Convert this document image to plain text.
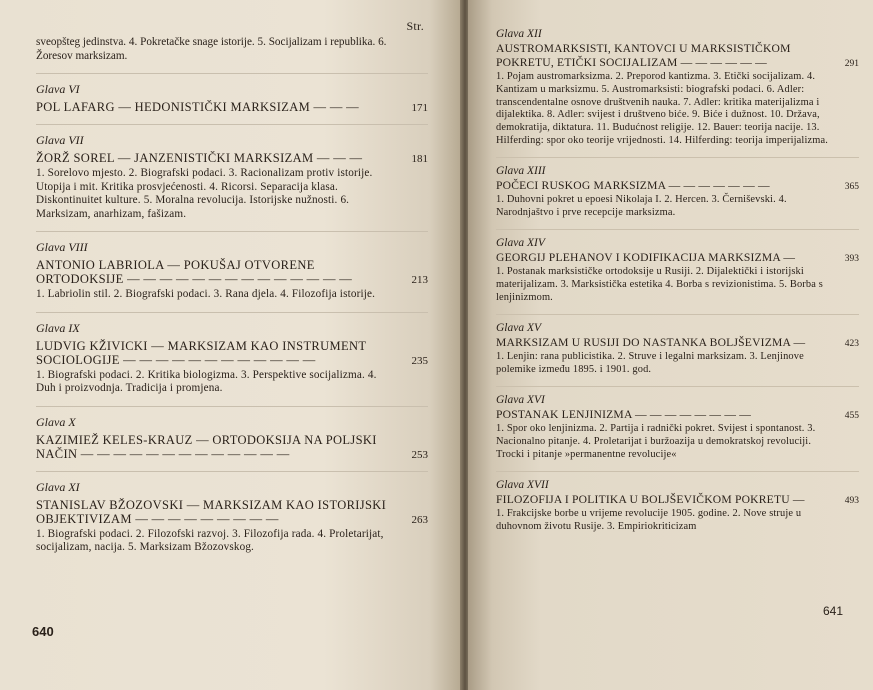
Str.
sveopšteg jedinstva. 4. Pokretačke snage istorije. 5. Socijalizam i republika. 6. Žoresov marksizam.
Glava VI
POL LAFARG — HEDONISTIČKI MARKSIZAM — — —	171
Glava VII
ŽORŽ SOREL — JANZENISTIČKI MARKSIZAM — — —	181
1. Sorelovo mjesto. 2. Biografski podaci. 3. Racionalizam protiv istorije. Utopija i mit. Kritika prosvjećenosti. 4. Ricorsi. Separacija klasa. Diskontinuitet kulture. 5. Moralna revolucija. Istorijske nužnosti. 6. Marksizam, anarhizam, fašizam.
Glava VIII
ANTONIO LABRIOLA — POKUŠAJ OTVORENE ORTODOKSIJE — — — — — — — — — — — — — —	213
1. Labriolin stil. 2. Biografski podaci. 3. Rana djela. 4. Filozofija istorije.
Glava IX
LUDVIG KŽIVICKI — MARKSIZAM KAO INSTRUMENT SOCIOLOGIJE — — — — — — — — — — — —	235
1. Biografski podaci. 2. Kritika biologizma. 3. Perspektive socijalizma. 4. Duh i proizvodnja. Tradicija i promjena.
Glava X
KAZIMIEŽ KELES-KRAUZ — ORTODOKSIJA NA POLJSKI NAČIN — — — — — — — — — — — — —	253
Glava XI
STANISLAV BŽOZOVSKI — MARKSIZAM KAO ISTORIJSKI OBJEKTIVIZAM — — — — — — — — —	263
1. Biografski podaci. 2. Filozofski razvoj. 3. Filozofija rada. 4. Proletarijat, socijalizam, nacija. 5. Marksizam Bžozovskog.
640
Glava XII
AUSTROMARKSISTI, KANTOVCI U MARKSISTIČKOM POKRETU, ETIČKI SOCIJALIZAM — — — — — —	291
1. Pojam austromarksizma. 2. Preporod kantizma. 3. Etički socijalizam. 4. Kantizam u marksizmu. 5. Austromarksisti: biografski podaci. 6. Adler: transcendentalne osnove društvenih nauka. 7. Adler: kritika materijalizma i dijalektika. 8. Adler: svijest i društveno biće. 9. Biće i dužnost. 10. Država, demokratija, diktatura. 11. Budućnost religije. 12. Bauer: teorija nacije. 13. Hilferding: spor oko teorije vrijednosti. 14. Hilferding: teorija imperijalizma.
Glava XIII
POČECI RUSKOG MARKSIZMA — — — — — — —	365
1. Duhovni pokret u epoesi Nikolaja I. 2. Hercen. 3. Černiševski. 4. Narodnjaštvo i prve recepcije marksizma.
Glava XIV
GEORGIJ PLEHANOV I KODIFIKACIJA MARKSIZMA —	393
1. Postanak marksističke ortodoksije u Rusiji. 2. Dijalektički i istorijski materijalizam. 3. Marksistička estetika 4. Borba s revizionistima. 5. Borba s lenjinizmom.
Glava XV
MARKSIZAM U RUSIJI DO NASTANKA BOLJŠEVIZMA —	423
1. Lenjin: rana publicistika. 2. Struve i legalni marksizam. 3. Lenjinove polemike između 1895. i 1901. god.
Glava XVI
POSTANAK LENJINIZMA — — — — — — — —	455
1. Spor oko lenjinizma. 2. Partija i radnički pokret. Svijest i spontanost. 3. Nacionalno pitanje. 4. Proletarijat i buržoazija u demokratskoj revoluciji. Trocki i pitanje »permanentne revolucije«
Glava XVII
FILOZOFIJA I POLITIKA U BOLJŠEVIČKOM POKRETU —	493
1. Frakcijske borbe u vrijeme revolucije 1905. godine. 2. Nove struje u duhovnom životu Rusije. 3. Empiriokriticizam
641
